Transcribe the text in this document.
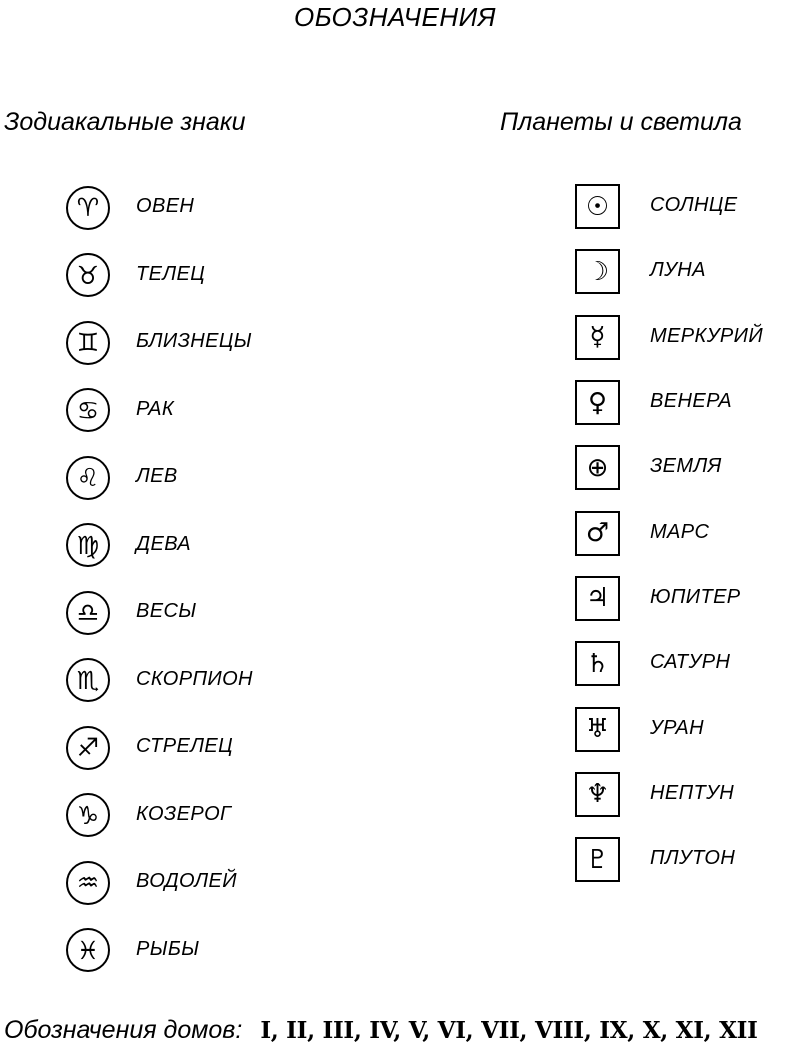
ОБОЗНАЧЕНИЯ
Зодиакальные знаки	Планеты и светила
♈	ОВЕН
♉	ТЕЛЕЦ
♊	БЛИЗНЕЦЫ
♋	РАК
♌	ЛЕВ
♍	ДЕВА
♎	ВЕСЫ
♏	СКОРПИОН
♐	СТРЕЛЕЦ
♑	КОЗЕРОГ
♒	ВОДОЛЕЙ
♓	РЫБЫ
☉	СОЛНЦЕ
☽	ЛУНА
☿	МЕРКУРИЙ
♀	ВЕНЕРА
⊕	ЗЕМЛЯ
♂	МАРС
♃	ЮПИТЕР
♄	САТУРН
♅	УРАН
♆	НЕПТУН
♇	ПЛУТОН
Обозначения домов: I, II, III, IV, V, VI, VII, VIII, IX, X, XI, XII
